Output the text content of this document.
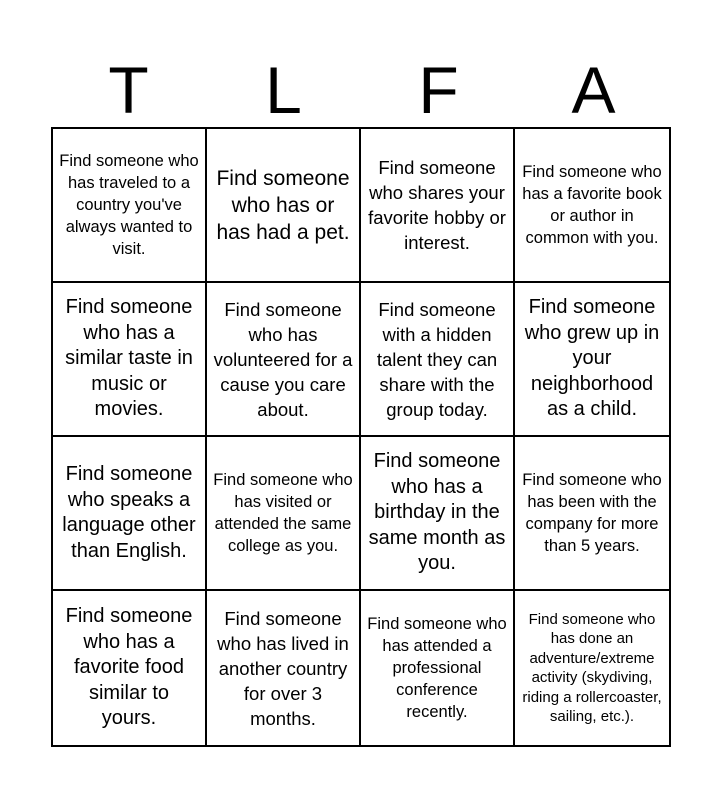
T	L	F	A
Find someone who has traveled to a country you've always wanted to visit.
Find someone who has or has had a pet.
Find someone who shares your favorite hobby or interest.
Find someone who has a favorite book or author in common with you.
Find someone who has a similar taste in music or movies.
Find someone who has volunteered for a cause you care about.
Find someone with a hidden talent they can share with the group today.
Find someone who grew up in your neighborhood as a child.
Find someone who speaks a language other than English.
Find someone who has visited or attended the same college as you.
Find someone who has a birthday in the same month as you.
Find someone who has been with the company for more than 5 years.
Find someone who has a favorite food similar to yours.
Find someone who has lived in another country for over 3 months.
Find someone who has attended a professional conference recently.
Find someone who has done an adventure/extreme activity (skydiving, riding a rollercoaster, sailing, etc.).
